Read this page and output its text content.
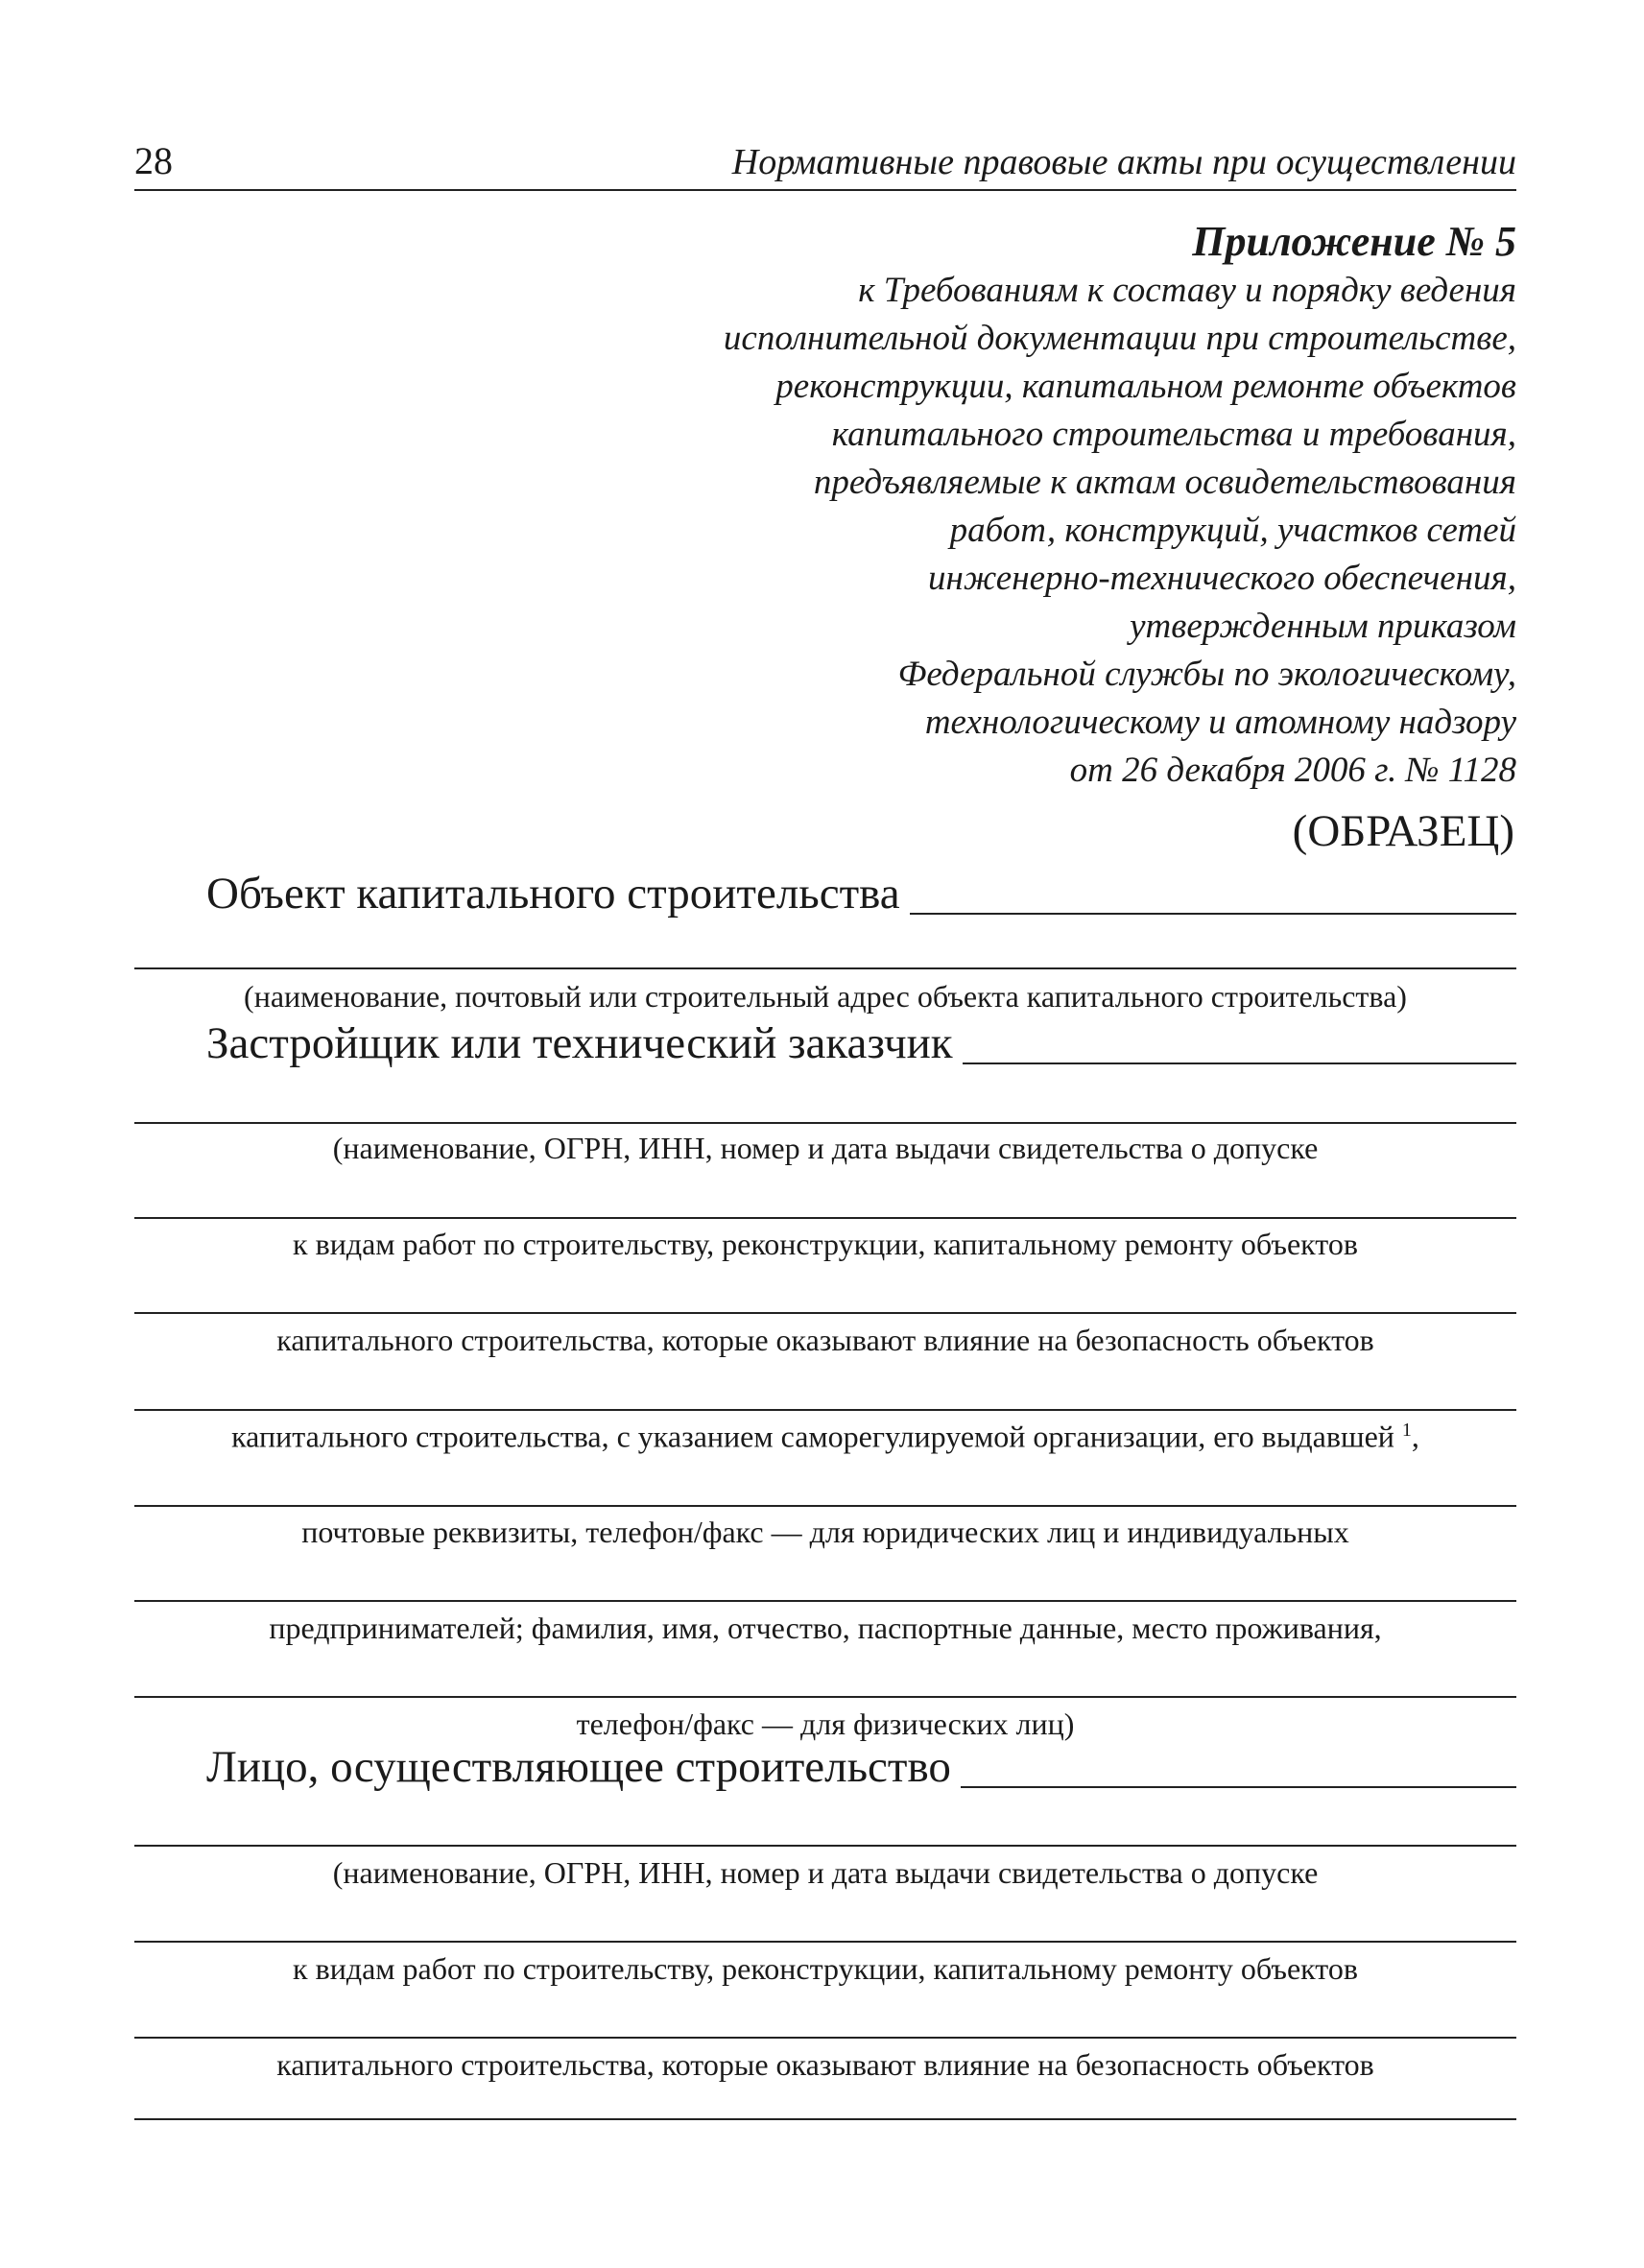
28	Нормативные правовые акты при осуществлении
Приложение № 5
к Требованиям к составу и порядку ведения
исполнительной документации при строительстве,
реконструкции, капитальном ремонте объектов
капитального строительства и требования,
предъявляемые к актам освидетельствования
работ, конструкций, участков сетей
инженерно-технического обеспечения,
утвержденным приказом
Федеральной службы по экологическому,
технологическому и атомному надзору
от 26 декабря 2006 г. № 1128
(ОБРАЗЕЦ)
Объект капитального строительства
(наименование, почтовый или строительный адрес объекта капитального строительства)
Застройщик или технический заказчик
(наименование, ОГРН, ИНН, номер и дата выдачи свидетельства о допуске
к видам работ по строительству, реконструкции, капитальному ремонту объектов
капитального строительства, которые оказывают влияние на безопасность объектов
капитального строительства, с указанием саморегулируемой организации, его выдавшей $^1$,
почтовые реквизиты, телефон/факс — для юридических лиц и индивидуальных
предпринимателей; фамилия, имя, отчество, паспортные данные, место проживания,
телефон/факс — для физических лиц)
Лицо, осуществляющее строительство
(наименование, ОГРН, ИНН, номер и дата выдачи свидетельства о допуске
к видам работ по строительству, реконструкции, капитальному ремонту объектов
капитального строительства, которые оказывают влияние на безопасность объектов
